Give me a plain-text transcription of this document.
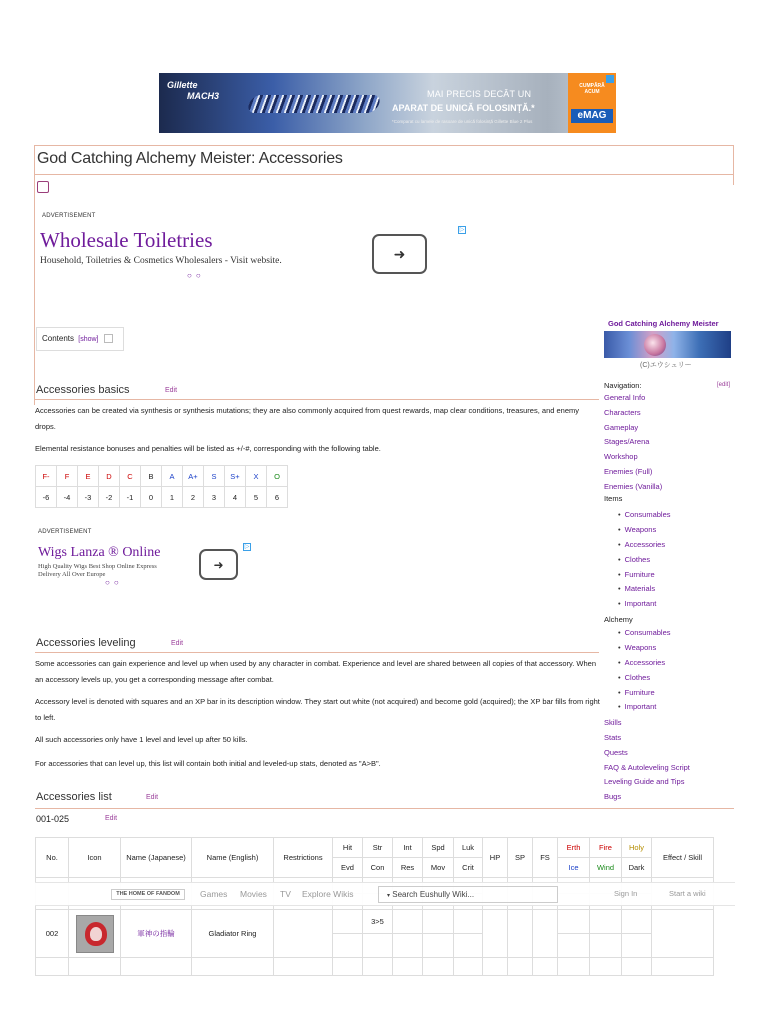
Gillette
MACH3	MAI PRECIS DECÂT UN
APARAT DE UNICĂ FOLOSINȚĂ.*
*Comparat cu lamele de rasoare de unică folosință Gillette Blue 2 Plus
CUMPĂRĂ ACUM
eMAG
God Catching Alchemy Meister: Accessories
ADVERTISEMENT
Wholesale Toiletries
Household, Toiletries & Cosmetics Wholesalers - Visit website.	➜
○○
▷
Contents [show]
Accessories basics	Edit
Accessories can be created via synthesis or synthesis mutations; they are also commonly acquired from quest rewards, map clear conditions, treasures, and enemy drops.
Elemental resistance bonuses and penalties will be listed as +/-#, corresponding with the following table.
F-	F	E	D	C	B	A	A+	S	S+	X	O
-6	-4	-3	-2	-1	0	1	2	3	4	5	6
ADVERTISEMENT
Wigs Lanza ® Online
High Quality Wigs Best Shop Online Express Delivery All Over Europe
➜
○○
▷
Accessories leveling	Edit
Some accessories can gain experience and level up when used by any character in combat. Experience and level are shared between all copies of that accessory. When an accessory levels up, you get a corresponding message after combat.
Accessory level is denoted with squares and an XP bar in its description window. They start out white (not acquired) and become gold (acquired); the XP bar fills from right to left.
All such accessories only have 1 level and level up after 50 kills.
For accessories that can level up, this list will contain both initial and leveled-up stats, denoted as "A>B".
Accessories list	Edit
001-025	Edit
No.	Icon	Name (Japanese)	Name (English)	Restrictions	Hit	Str	Int	Spd	Luk	HP	SP	FS	Erth	Fire	Holy	Effect / Skill
					Evd	Con	Res	Mov	Crit				Ice	Wind	Dark	

002		軍神の指輪	Gladiator Ring			3>5										

THE HOME OF FANDOM	Games Movies TV Explore Wikis	▾ Search Eushully Wiki...	Sign In	Start a wiki
God Catching Alchemy Meister
(C)エウシュリー
Navigation:	[edit]
General Info
Characters
Gameplay
Stages/Arena
Workshop
Enemies (Full)
Enemies (Vanilla)
Items
• Consumables
• Weapons
• Accessories
• Clothes
• Furniture
• Materials
• Important
Alchemy
• Consumables
• Weapons
• Accessories
• Clothes
• Furniture
• Important
Skills
Stats
Quests
FAQ & Autoleveling Script
Leveling Guide and Tips
Bugs
